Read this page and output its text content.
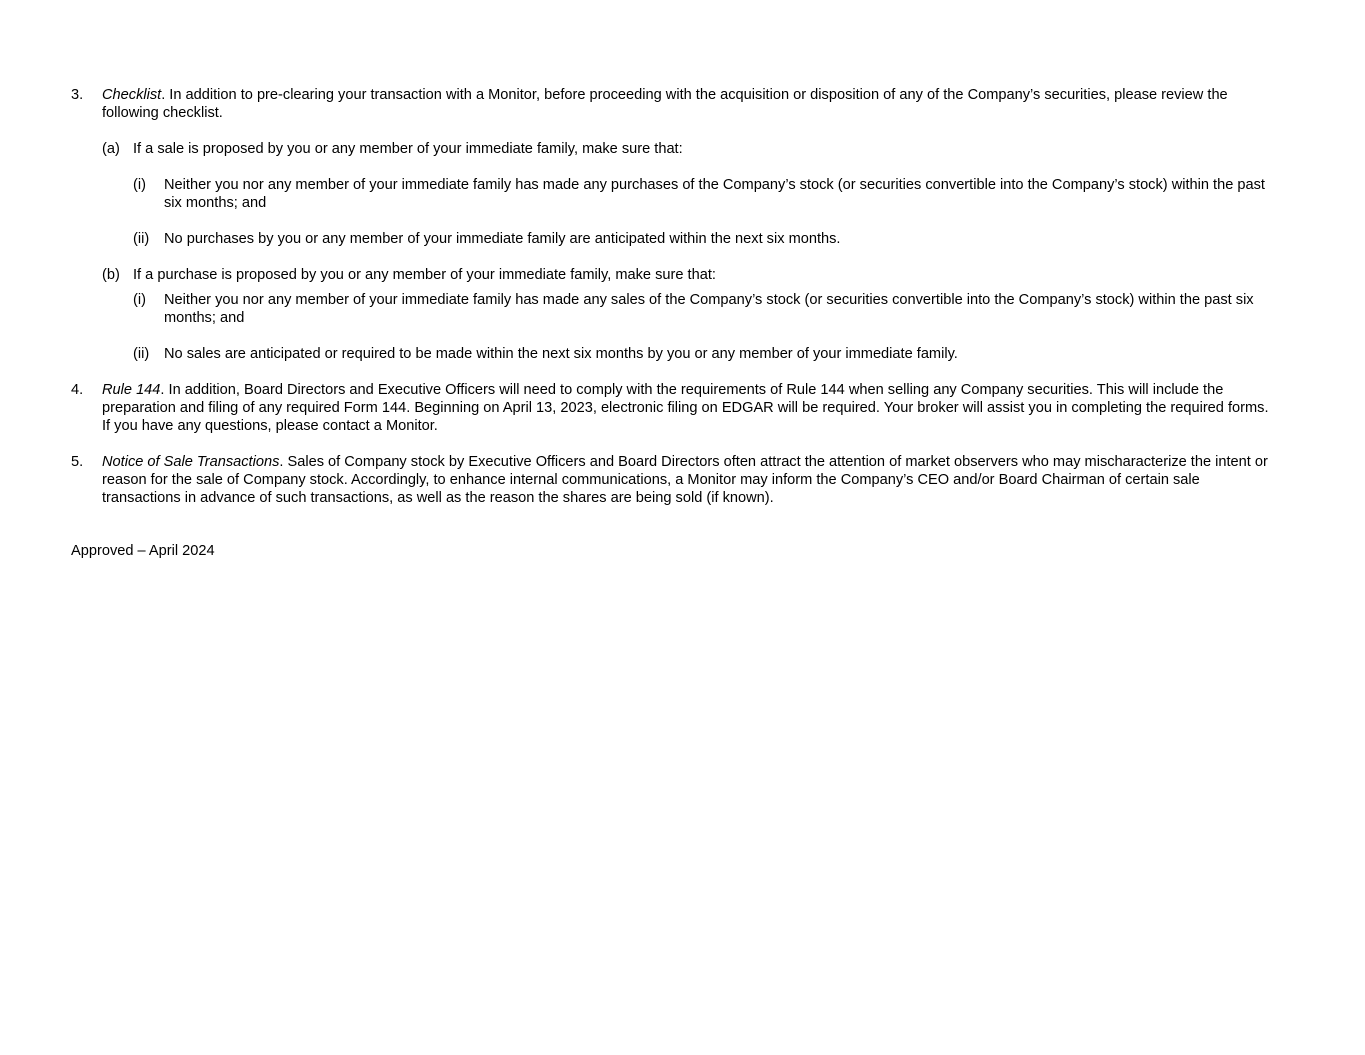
3. Checklist. In addition to pre-clearing your transaction with a Monitor, before proceeding with the acquisition or disposition of any of the Company’s securities, please review the following checklist.
(a) If a sale is proposed by you or any member of your immediate family, make sure that:
(i) Neither you nor any member of your immediate family has made any purchases of the Company’s stock (or securities convertible into the Company’s stock) within the past six months; and
(ii) No purchases by you or any member of your immediate family are anticipated within the next six months.
(b) If a purchase is proposed by you or any member of your immediate family, make sure that:
(i) Neither you nor any member of your immediate family has made any sales of the Company’s stock (or securities convertible into the Company’s stock) within the past six months; and
(ii) No sales are anticipated or required to be made within the next six months by you or any member of your immediate family.
4. Rule 144. In addition, Board Directors and Executive Officers will need to comply with the requirements of Rule 144 when selling any Company securities. This will include the preparation and filing of any required Form 144. Beginning on April 13, 2023, electronic filing on EDGAR will be required. Your broker will assist you in completing the required forms. If you have any questions, please contact a Monitor.
5. Notice of Sale Transactions. Sales of Company stock by Executive Officers and Board Directors often attract the attention of market observers who may mischaracterize the intent or reason for the sale of Company stock. Accordingly, to enhance internal communications, a Monitor may inform the Company’s CEO and/or Board Chairman of certain sale transactions in advance of such transactions, as well as the reason the shares are being sold (if known).
Approved – April 2024
